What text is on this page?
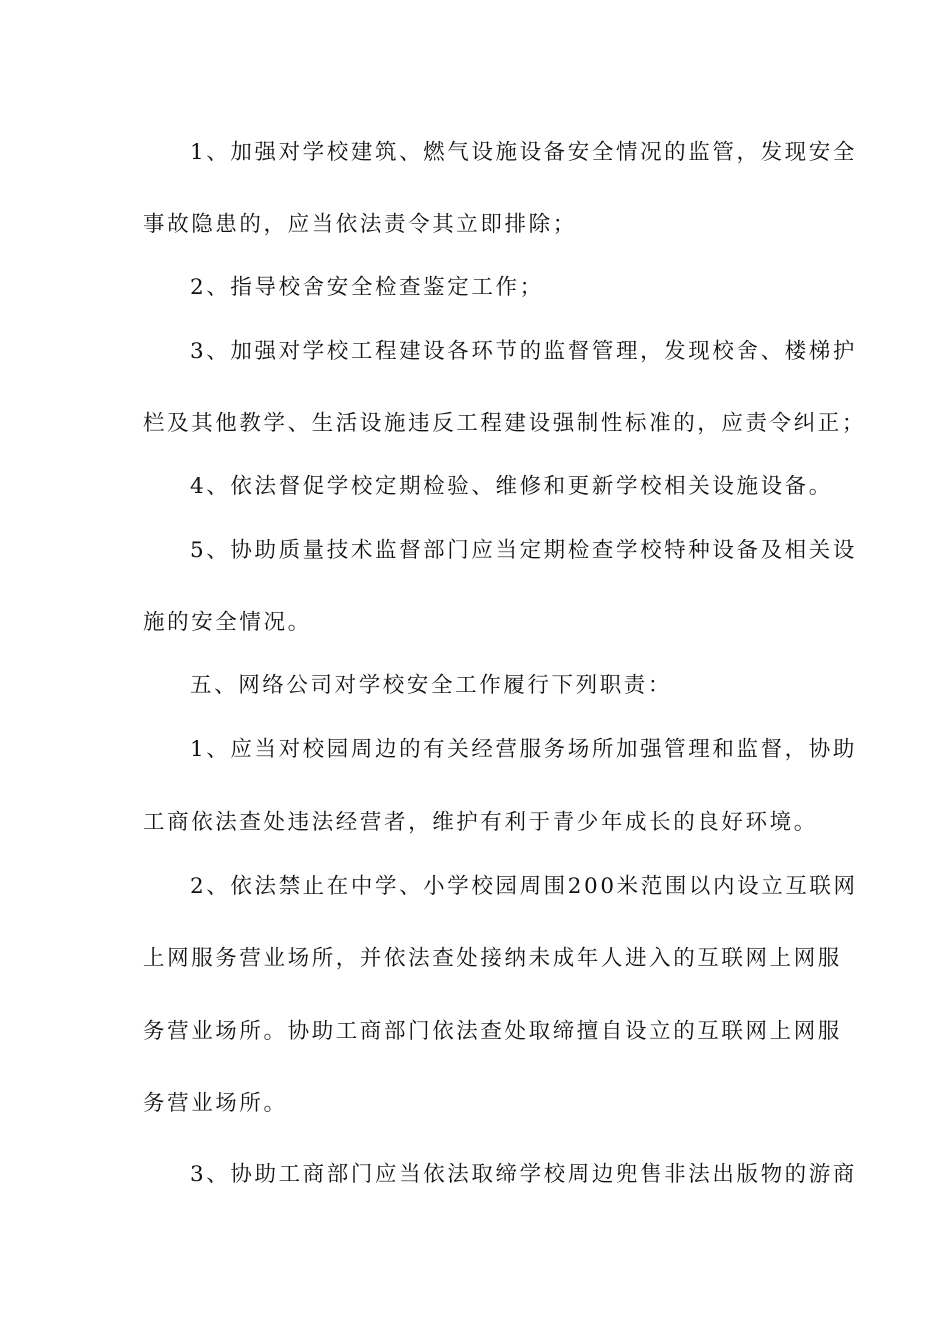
1、加强对学校建筑、燃气设施设备安全情况的监管，发现安全
事故隐患的，应当依法责令其立即排除；
2、指导校舍安全检查鉴定工作；
3、加强对学校工程建设各环节的监督管理，发现校舍、楼梯护
栏及其他教学、生活设施违反工程建设强制性标准的，应责令纠正；
4、依法督促学校定期检验、维修和更新学校相关设施设备。
5、协助质量技术监督部门应当定期检查学校特种设备及相关设
施的安全情况。
五、网络公司对学校安全工作履行下列职责：
1、应当对校园周边的有关经营服务场所加强管理和监督，协助
工商依法查处违法经营者，维护有利于青少年成长的良好环境。
2、依法禁止在中学、小学校园周围200米范围以内设立互联网
上网服务营业场所，并依法查处接纳未成年人进入的互联网上网服
务营业场所。协助工商部门依法查处取缔擅自设立的互联网上网服
务营业场所。
3、协助工商部门应当依法取缔学校周边兜售非法出版物的游商
